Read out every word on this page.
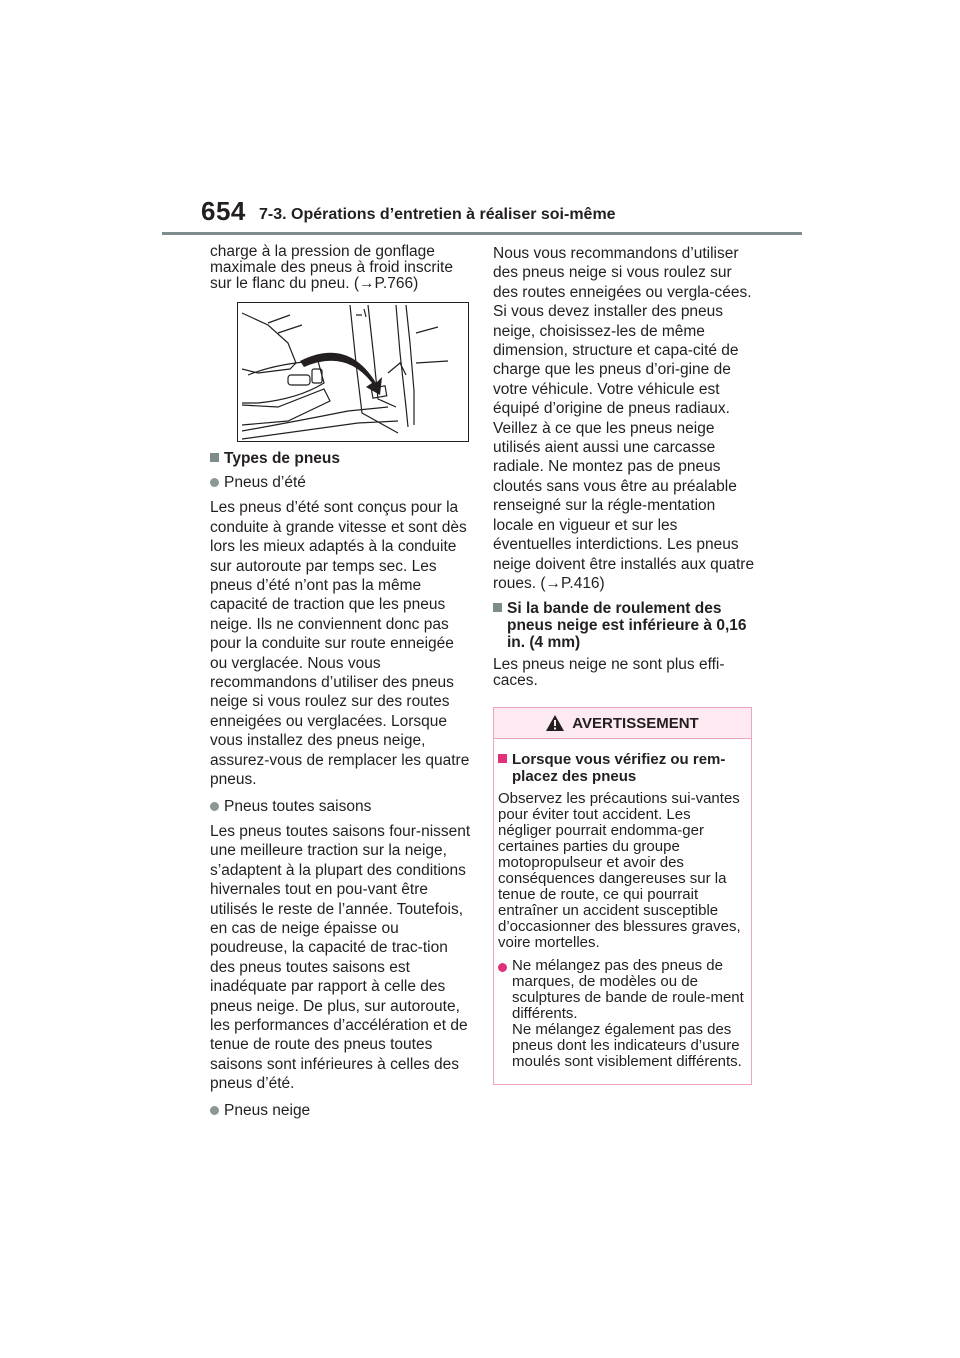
654 7-3. Opérations d’entretien à réaliser soi-même

charge à la pression de gonflage maximale des pneus à froid inscrite sur le flanc du pneu. (→P.766)

Types de pneus
Pneus d’été

Les pneus d’été sont conçus pour la conduite à grande vitesse et sont dès lors les mieux adaptés à la conduite sur autoroute par temps sec. Les pneus d’été n’ont pas la même capacité de traction que les pneus neige. Ils ne conviennent donc pas pour la conduite sur route enneigée ou verglacée. Nous vous recommandons d’utiliser des pneus neige si vous roulez sur des routes enneigées ou verglacées. Lorsque vous installez des pneus neige, assurez-vous de remplacer les quatre pneus.

Pneus toutes saisons

Les pneus toutes saisons four-nissent une meilleure traction sur la neige, s’adaptent à la plupart des conditions hivernales tout en pou-vant être utilisés le reste de l’année. Toutefois, en cas de neige épaisse ou poudreuse, la capacité de trac-tion des pneus toutes saisons est inadéquate par rapport à celle des pneus neige. De plus, sur autoroute, les performances d’accélération et de tenue de route des pneus toutes saisons sont inférieures à celles des pneus d’été.

Pneus neige

Nous vous recommandons d’utiliser des pneus neige si vous roulez sur des routes enneigées ou vergla-cées. Si vous devez installer des pneus neige, choisissez-les de même dimension, structure et capa-cité de charge que les pneus d’ori-gine de votre véhicule. Votre véhicule est équipé d’origine de pneus radiaux. Veillez à ce que les pneus neige utilisés aient aussi une carcasse radiale. Ne montez pas de pneus cloutés sans vous être au préalable renseigné sur la régle-mentation locale en vigueur et sur les éventuelles interdictions. Les pneus neige doivent être installés aux quatre roues. (→P.416)

Si la bande de roulement des pneus neige est inférieure à 0,16 in. (4 mm)

Les pneus neige ne sont plus effi-caces.

AVERTISSEMENT
Lorsque vous vérifiez ou rem-placez des pneus

Observez les précautions sui-vantes pour éviter tout accident. Les négliger pourrait endomma-ger certaines parties du groupe motopropulseur et avoir des conséquences dangereuses sur la tenue de route, ce qui pourrait entraîner un accident susceptible d’occasionner des blessures graves, voire mortelles.

Ne mélangez pas des pneus de marques, de modèles ou de sculptures de bande de roule-ment différents.
Ne mélangez également pas des pneus dont les indicateurs d’usure moulés sont visiblement différents.
